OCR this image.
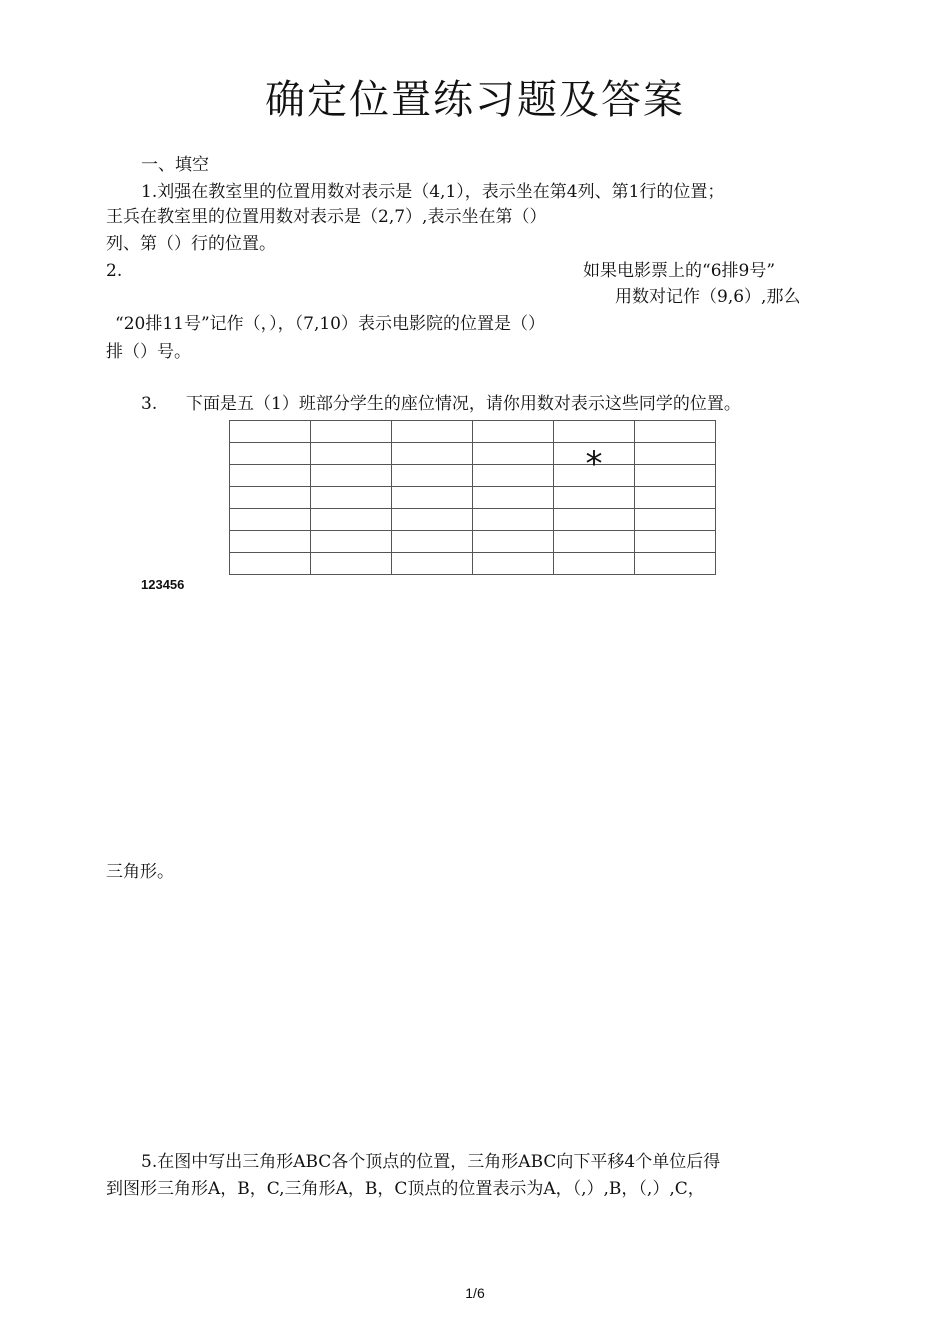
确定位置练习题及答案
一、填空
1.刘强在教室里的位置用数对表示是（4,1），表示坐在第4列、第1行的位置；
王兵在教室里的位置用数对表示是（2,7）,表示坐在第（）
列、第（）行的位置。
2.	如果电影票上的“6排9号”
用数对记作（9,6）,那么
“20排11号”记作（，），（7,10）表示电影院的位置是（）
排（）号。
3. 下面是五（1）班部分学生的座位情况，请你用数对表示这些同学的位置。

				*	

123456
三角形。
5.在图中写出三角形ABC各个顶点的位置，三角形ABC向下平移4个单位后得
到图形三角形A，B，C,三角形A，B，C顶点的位置表示为A，（,）,B，（,）,C，
1/6
